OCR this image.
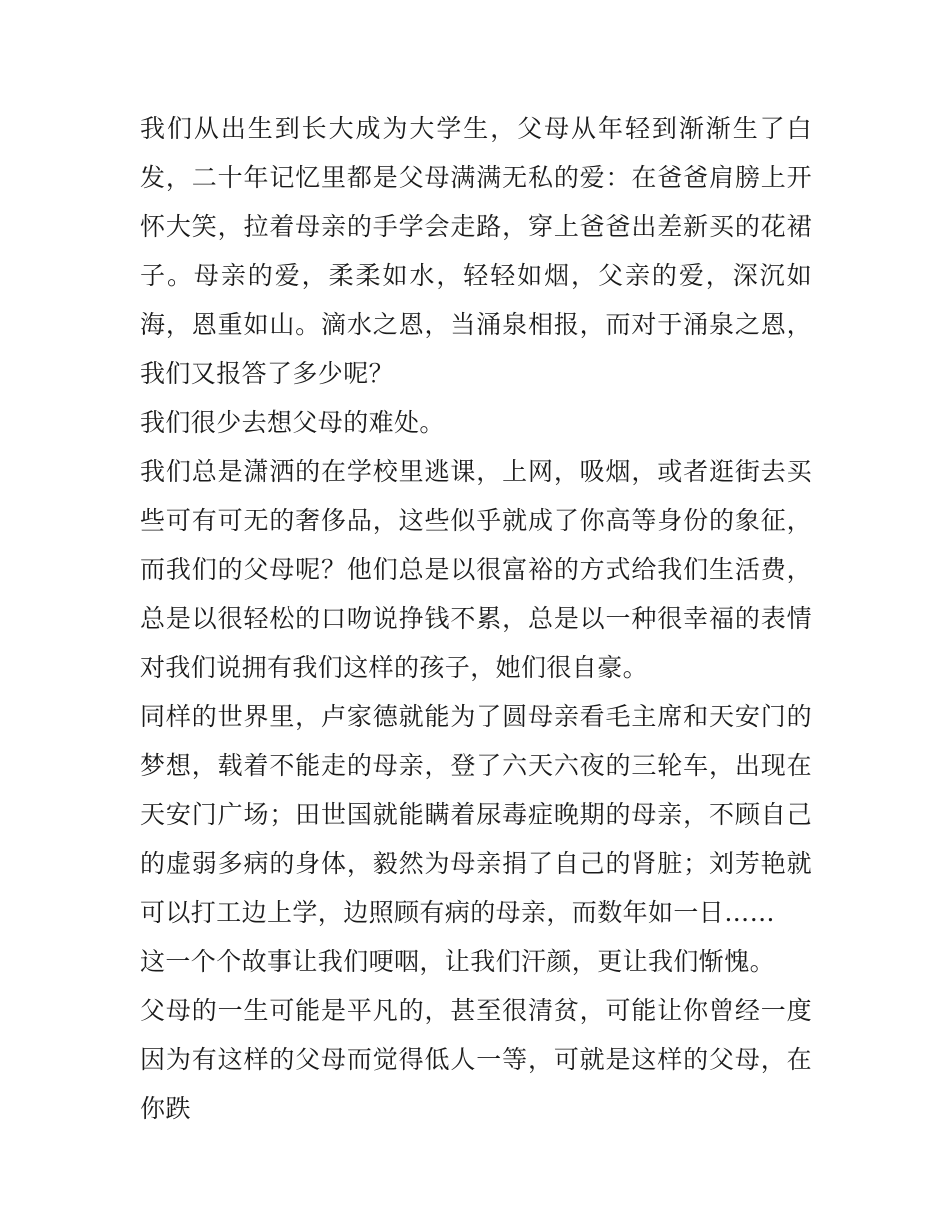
我们从出生到长大成为大学生，父母从年轻到渐渐生了白发，二十年记忆里都是父母满满无私的爱：在爸爸肩膀上开怀大笑，拉着母亲的手学会走路，穿上爸爸出差新买的花裙子。母亲的爱，柔柔如水，轻轻如烟，父亲的爱，深沉如海，恩重如山。滴水之恩，当涌泉相报，而对于涌泉之恩，我们又报答了多少呢？

我们很少去想父母的难处。

我们总是潇洒的在学校里逃课，上网，吸烟，或者逛街去买些可有可无的奢侈品，这些似乎就成了你高等身份的象征，而我们的父母呢？他们总是以很富裕的方式给我们生活费，总是以很轻松的口吻说挣钱不累，总是以一种很幸福的表情对我们说拥有我们这样的孩子，她们很自豪。

同样的世界里，卢家德就能为了圆母亲看毛主席和天安门的梦想，载着不能走的母亲，登了六天六夜的三轮车，出现在天安门广场；田世国就能瞒着尿毒症晚期的母亲，不顾自己的虚弱多病的身体，毅然为母亲捐了自己的肾脏；刘芳艳就可以打工边上学，边照顾有病的母亲，而数年如一日……

这一个个故事让我们哽咽，让我们汗颜，更让我们惭愧。

父母的一生可能是平凡的，甚至很清贫，可能让你曾经一度因为有这样的父母而觉得低人一等，可就是这样的父母，在你跌
